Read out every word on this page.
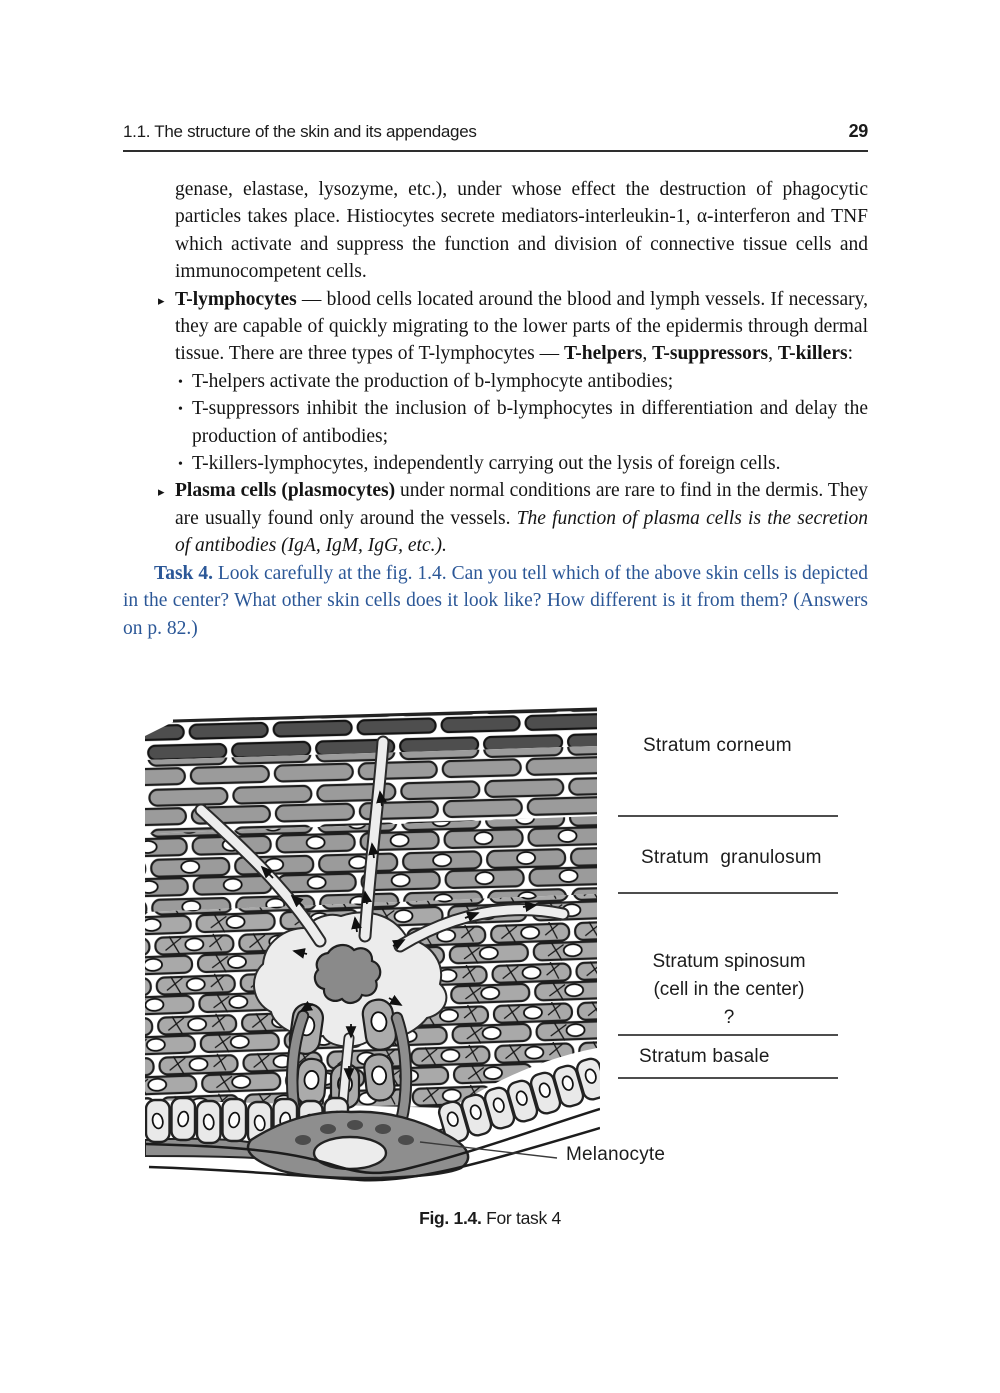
1.1. The structure of the skin and its appendages	29

genase, elastase, lysozyme, etc.), under whose effect the destruction of phagocytic particles takes place. Histiocytes secrete mediators-interleukin-1, α-interferon and TNF which activate and suppress the function and division of connective tissue cells and immunocompetent cells.

▸ T-lymphocytes — blood cells located around the blood and lymph vessels. If necessary, they are capable of quickly migrating to the lower parts of the epidermis through dermal tissue. There are three types of T-lymphocytes — T-helpers, T-suppressors, T-killers:
• T-helpers activate the production of b-lymphocyte antibodies;
• T-suppressors inhibit the inclusion of b-lymphocytes in differentiation and delay the production of antibodies;
• T-killers-lymphocytes, independently carrying out the lysis of foreign cells.
▸ Plasma cells (plasmocytes) under normal conditions are rare to find in the dermis. They are usually found only around the vessels. The function of plasma cells is the secretion of antibodies (IgA, IgM, IgG, etc.).

Task 4. Look carefully at the fig. 1.4. Can you tell which of the above skin cells is depicted in the center? What other skin cells does it look like? How different is it from them? (Answers on p. 82.)

Stratum corneum
Stratum granulosum
Stratum spinosum
(cell in the center)
?
Stratum basale
Melanocyte
Fig. 1.4. For task 4
